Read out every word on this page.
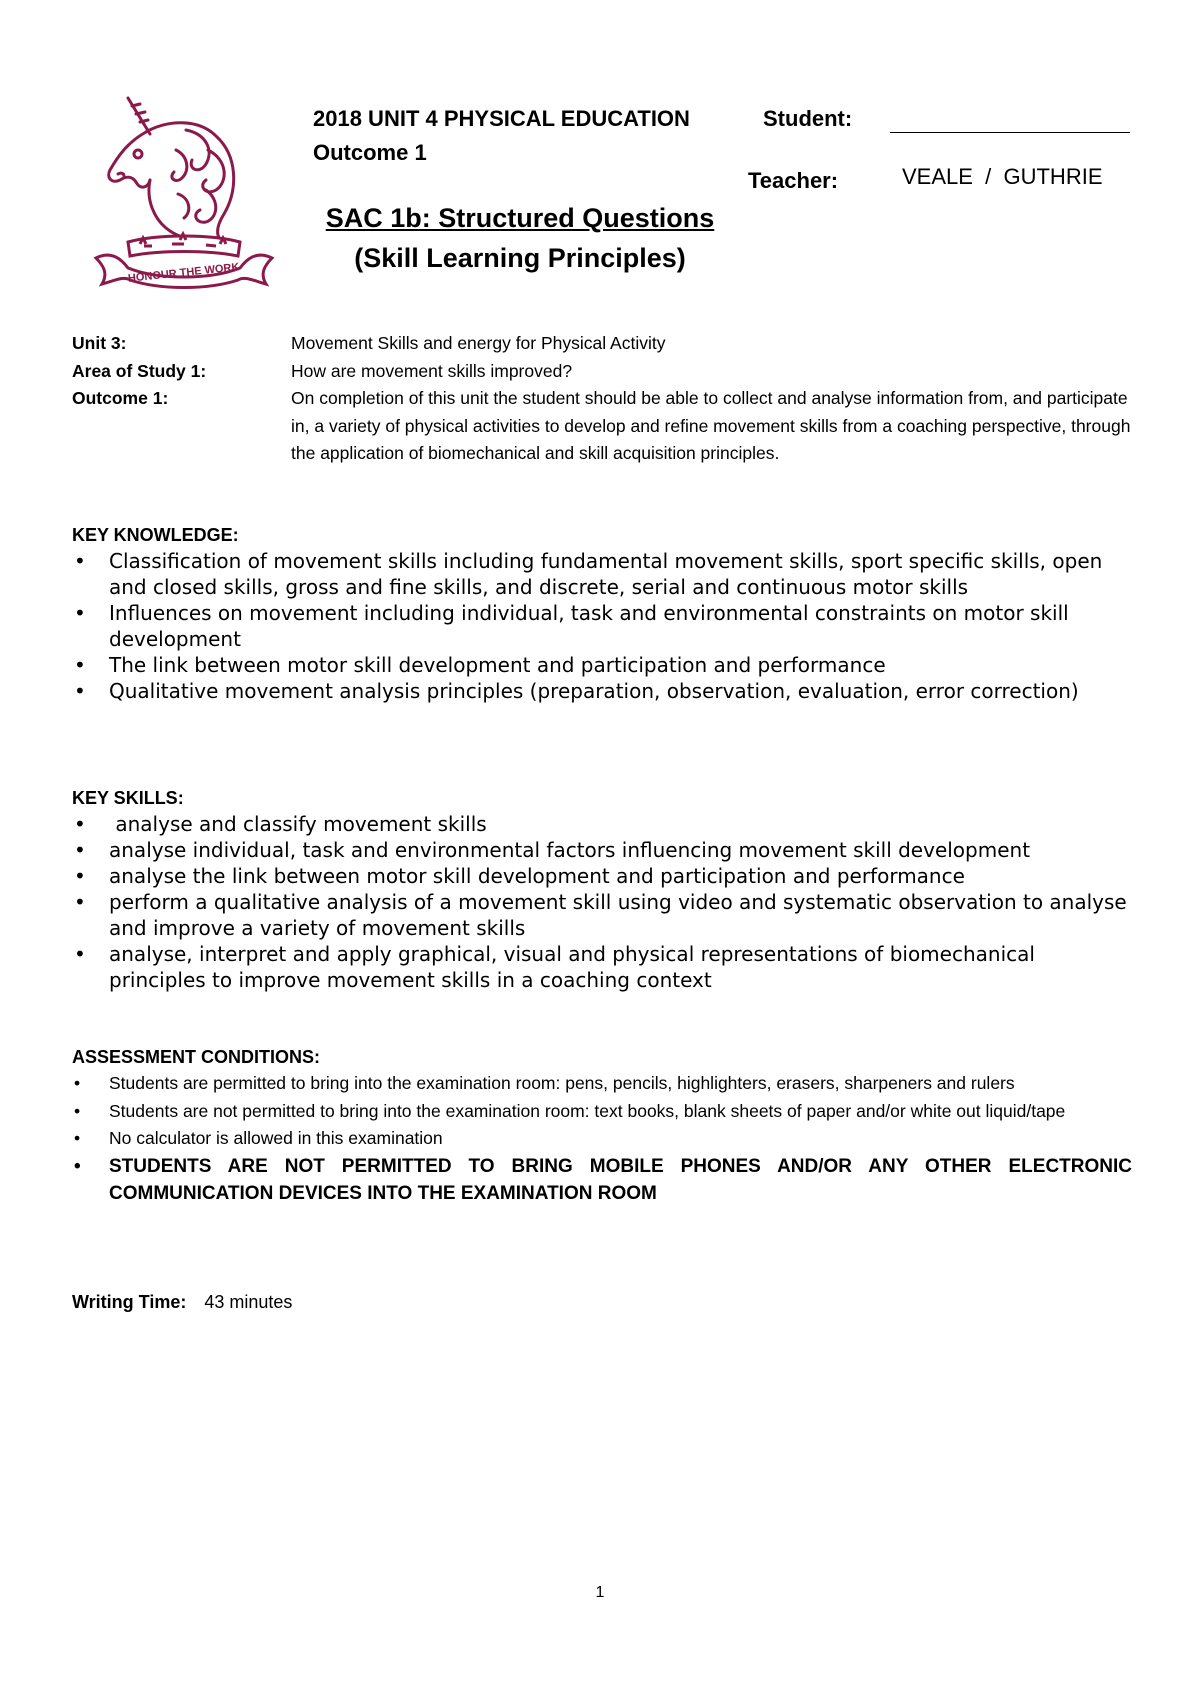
HONOUR THE WORK
2018 UNIT 4 PHYSICAL EDUCATION
Outcome 1
Student:
Teacher:	VEALE  /  GUTHRIE
SAC 1b: Structured Questions
(Skill Learning Principles)
Unit 3:	Movement Skills and energy for Physical Activity
Area of Study 1:	How are movement skills improved?
Outcome 1:	On completion of this unit the student should be able to collect and analyse information from, and participate in, a variety of physical activities to develop and refine movement skills from a coaching perspective, through the application of biomechanical and skill acquisition principles.
KEY KNOWLEDGE:
• Classification of movement skills including fundamental movement skills, sport specific skills, open and closed skills, gross and fine skills, and discrete, serial and continuous motor skills
• Influences on movement including individual, task and environmental constraints on motor skill development
• The link between motor skill development and participation and performance
• Qualitative movement analysis principles (preparation, observation, evaluation, error correction)
KEY SKILLS:
• analyse and classify movement skills
• analyse individual, task and environmental factors influencing movement skill development
• analyse the link between motor skill development and participation and performance
• perform a qualitative analysis of a movement skill using video and systematic observation to analyse and improve a variety of movement skills
• analyse, interpret and apply graphical, visual and physical representations of biomechanical principles to improve movement skills in a coaching context
ASSESSMENT CONDITIONS:
• Students are permitted to bring into the examination room: pens, pencils, highlighters, erasers, sharpeners and rulers
• Students are not permitted to bring into the examination room: text books, blank sheets of paper and/or white out liquid/tape
• No calculator is allowed in this examination
• STUDENTS ARE NOT PERMITTED TO BRING MOBILE PHONES AND/OR ANY OTHER ELECTRONIC COMMUNICATION DEVICES INTO THE EXAMINATION ROOM
Writing Time: 43 minutes
1
